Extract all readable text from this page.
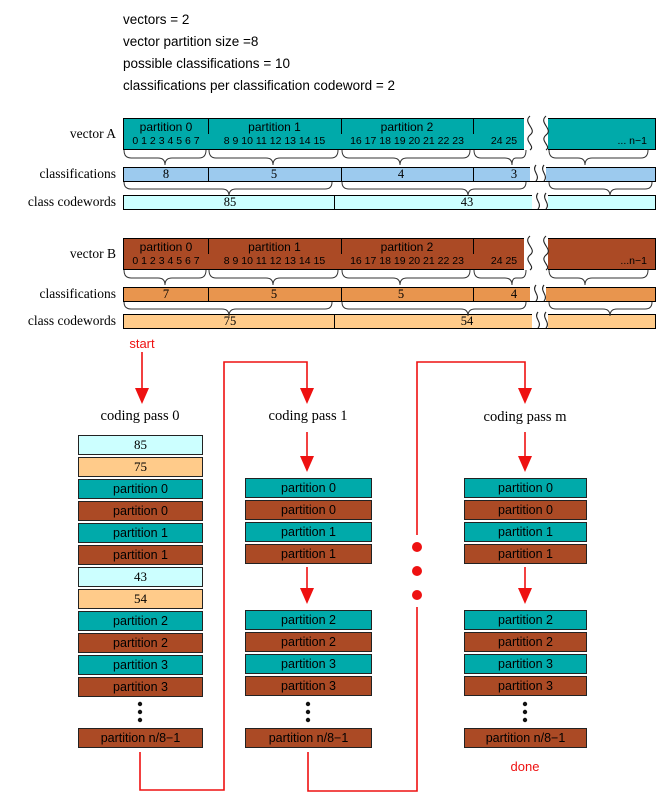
vectors = 2
vector partition size =8
possible classifications = 10
classifications per classification codeword = 2
vector A
classifications
class codewords
partition 0	partition 1	partition 2
0 1 2 3 4 5 6 7	8 9 10 11 12 13 14 15	16 17 18 19 20 21 22 23	24 25	... n−1
8	5	4	3
85	43
vector B
classifications
class codewords
partition 0	partition 1	partition 2
0 1 2 3 4 5 6 7	8 9 10 11 12 13 14 15	16 17 18 19 20 21 22 23	24 25	...n−1
7	5	5	4
75	54
start
done
coding pass 0	coding pass 1	coding pass m
85
75
partition 0
partition 0
partition 1
partition 1
43
54
partition 2
partition 2
partition 3
partition 3
partition n/8−1
partition 0
partition 0
partition 1
partition 1
partition 2
partition 2
partition 3
partition 3
partition n/8−1
partition 0
partition 0
partition 1
partition 1
partition 2
partition 2
partition 3
partition 3
partition n/8−1
